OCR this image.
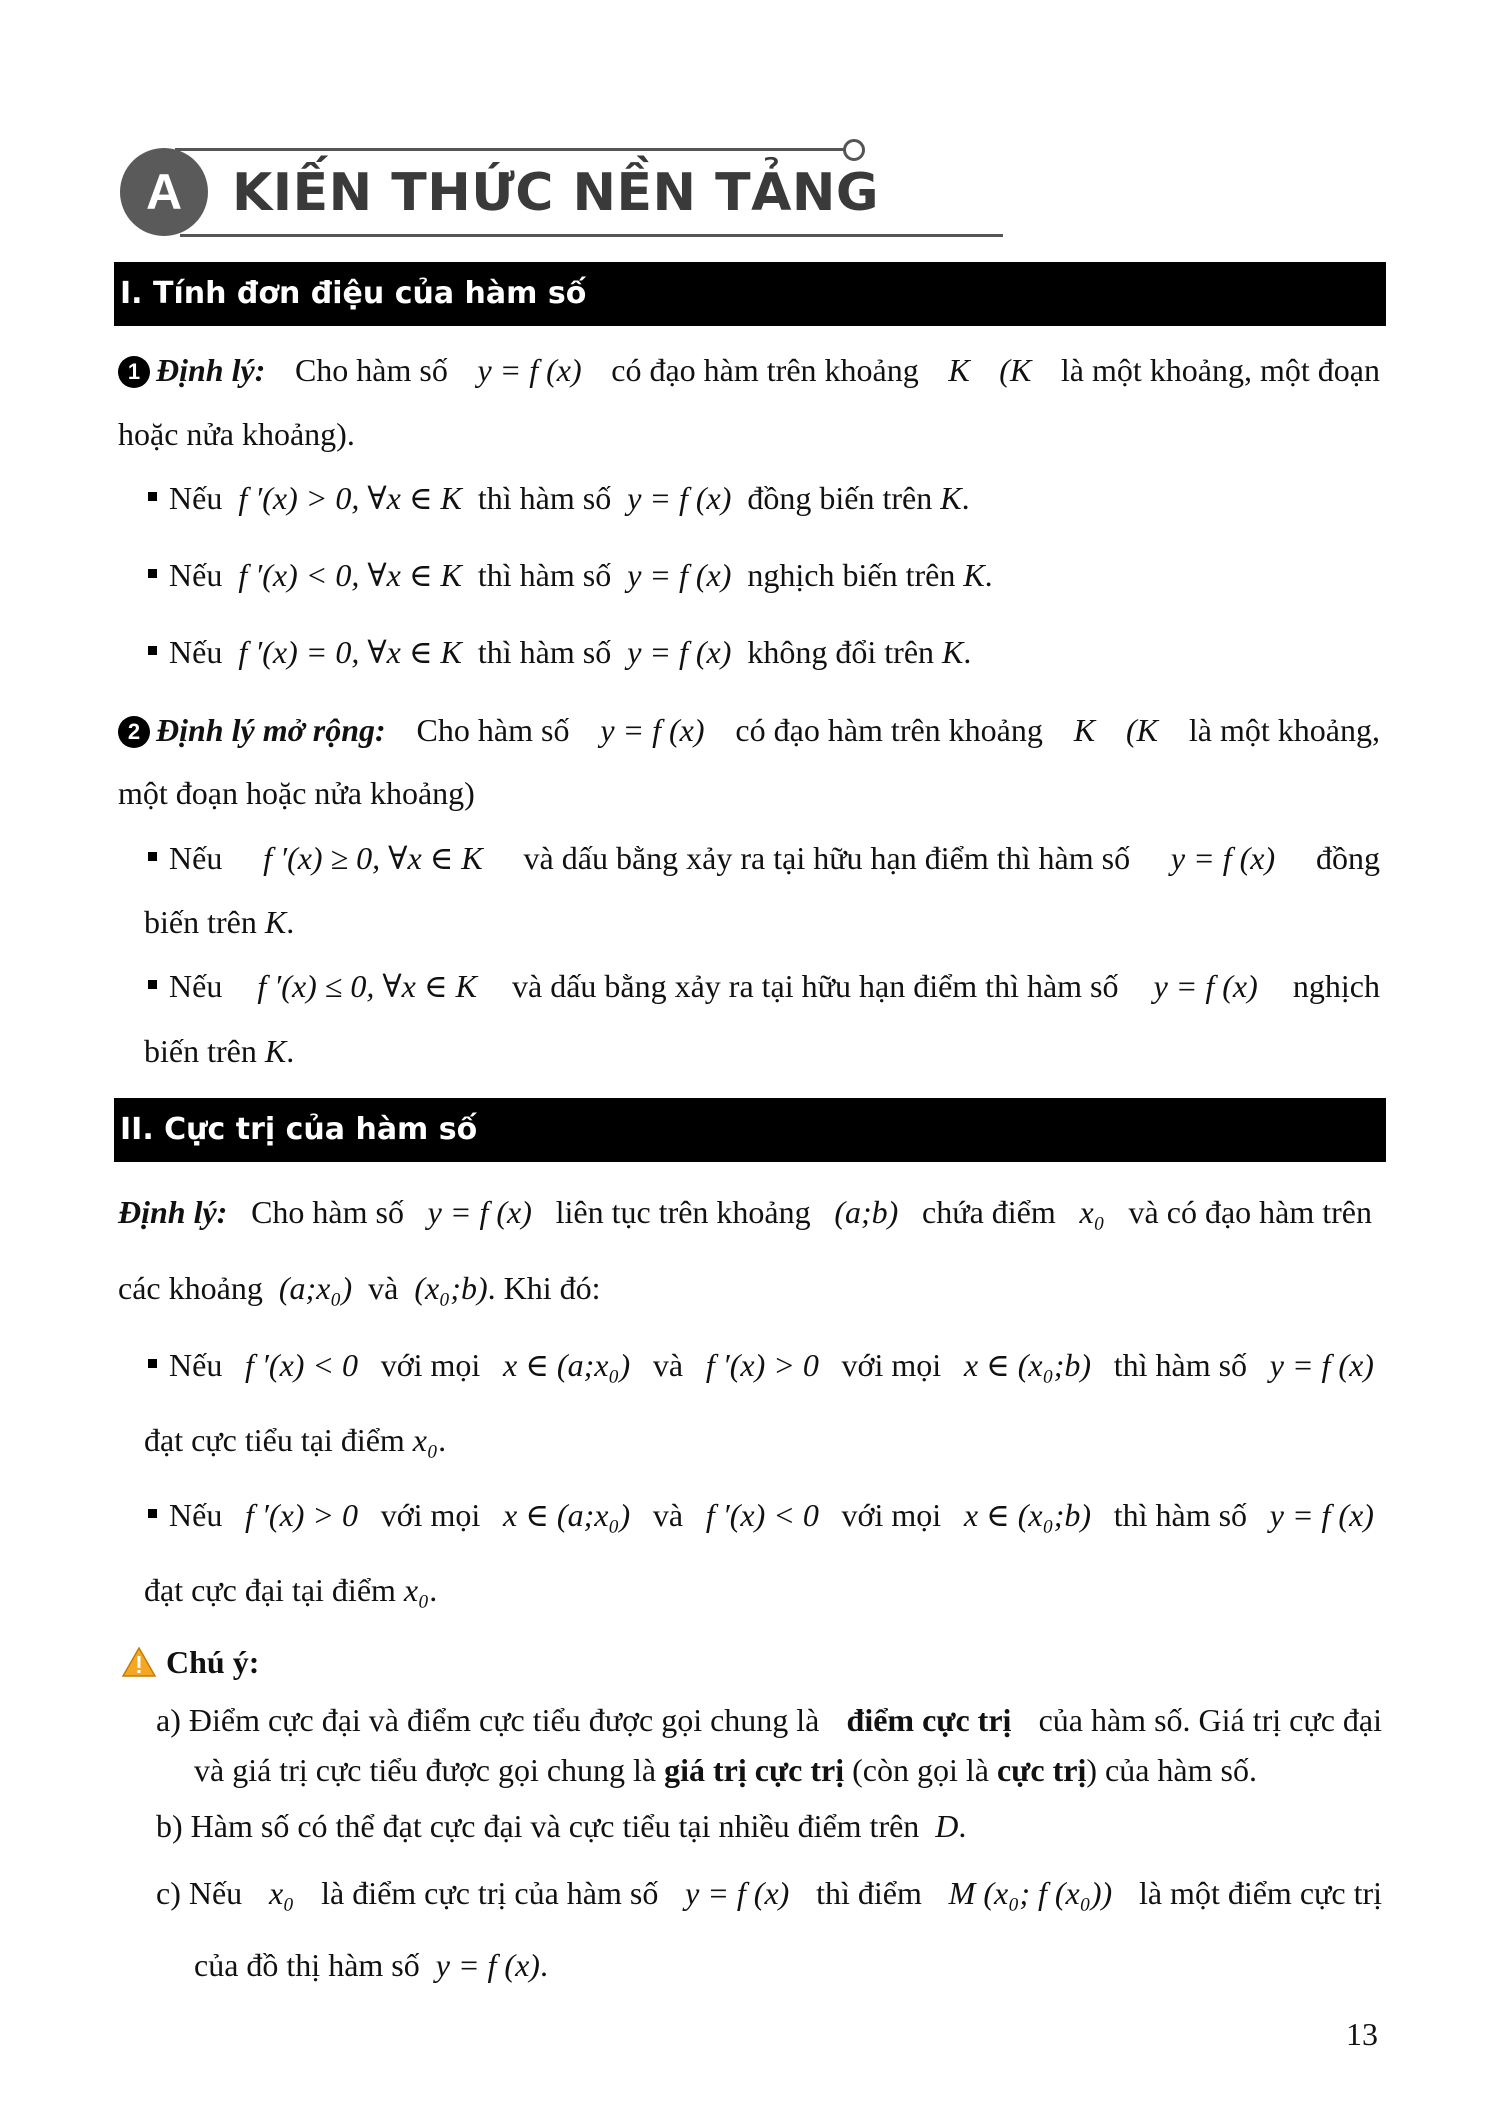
A KIẾN THỨC NỀN TẢNG
I. Tính đơn điệu của hàm số
1 Định lý: Cho hàm số y = f (x) có đạo hàm trên khoảng K (K là một khoảng, một đoạn
hoặc nửa khoảng).
Nếu f ′(x) > 0, ∀x ∈ K thì hàm số y = f (x) đồng biến trên K.
Nếu f ′(x) < 0, ∀x ∈ K thì hàm số y = f (x) nghịch biến trên K.
Nếu f ′(x) = 0, ∀x ∈ K thì hàm số y = f (x) không đổi trên K.
2 Định lý mở rộng: Cho hàm số y = f (x) có đạo hàm trên khoảng K (K là một khoảng,
một đoạn hoặc nửa khoảng)
Nếu f ′(x) ≥ 0, ∀x ∈ K và dấu bằng xảy ra tại hữu hạn điểm thì hàm số y = f (x) đồng
biến trên K.
Nếu f ′(x) ≤ 0, ∀x ∈ K và dấu bằng xảy ra tại hữu hạn điểm thì hàm số y = f (x) nghịch
biến trên K.
II. Cực trị của hàm số
Định lý: Cho hàm số y = f (x) liên tục trên khoảng (a;b) chứa điểm x₀ và có đạo hàm trên
các khoảng (a;x₀) và (x₀;b). Khi đó:
Nếu f ′(x) < 0 với mọi x ∈ (a;x₀) và f ′(x) > 0 với mọi x ∈ (x₀;b) thì hàm số y = f (x)
đạt cực tiểu tại điểm x₀.
Nếu f ′(x) > 0 với mọi x ∈ (a;x₀) và f ′(x) < 0 với mọi x ∈ (x₀;b) thì hàm số y = f (x)
đạt cực đại tại điểm x₀.
Chú ý:
a) Điểm cực đại và điểm cực tiểu được gọi chung là điểm cực trị của hàm số. Giá trị cực đại
và giá trị cực tiểu được gọi chung là giá trị cực trị (còn gọi là cực trị) của hàm số.
b) Hàm số có thể đạt cực đại và cực tiểu tại nhiều điểm trên D.
c) Nếu x₀ là điểm cực trị của hàm số y = f (x) thì điểm M (x₀; f (x₀)) là một điểm cực trị
của đồ thị hàm số y = f (x).
13
